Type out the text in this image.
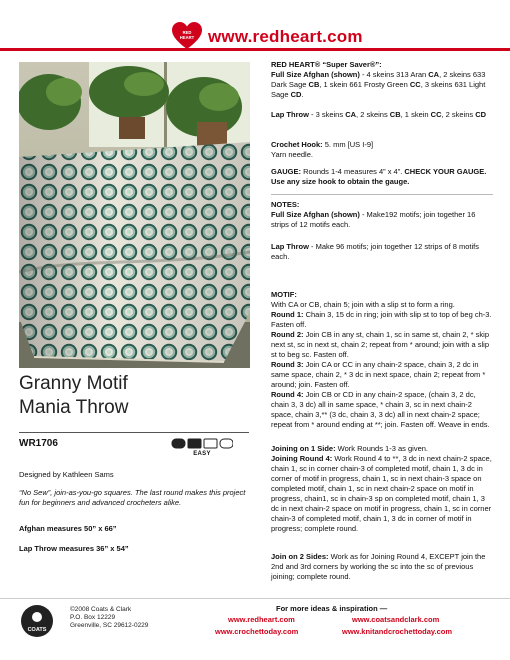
RED
HEART www.redheart.com
Granny Motif
Mania Throw
WR1706
EASY
Designed by Kathleen Sams
“No Sew”, join-as-you-go squares. The last round makes this project fun for beginners and advanced crocheters alike.
Afghan measures 50” x 66”
Lap Throw measures 36” x 54”

RED HEART® “Super Saver®”:

Full Size Afghan (shown) - 4 skeins 313 Aran CA, 2 skeins 633 Dark Sage CB, 1 skein 661 Frosty Green CC, 3 skeins 631 Light Sage CD.

Lap Throw - 3 skeins CA, 2 skeins CB, 1 skein CC, 2 skeins CD

Crochet Hook: 5. mm [US I-9]

Yarn needle.

GAUGE: Rounds 1-4 measures 4” x 4”. CHECK YOUR GAUGE. Use any size hook to obtain the gauge.

NOTES:

Full Size Afghan (shown) - Make192 motifs; join together 16 strips of 12 motifs each.

Lap Throw - Make 96 motifs; join together 12 strips of 8 motifs each.

MOTIF:

With CA or CB, chain 5; join with a slip st to form a ring.

Round 1: Chain 3, 15 dc in ring; join with slip st to top of beg ch-3. Fasten off.

Round 2: Join CB in any st, chain 1, sc in same st, chain 2, * skip next st, sc in next st, chain 2; repeat from * around; join with a slip st to beg sc. Fasten off.

Round 3: Join CA or CC in any chain-2 space, chain 3, 2 dc in same space, chain 2, * 3 dc in next space, chain 2; repeat from * around; join. Fasten off.

Round 4: Join CB or CD in any chain-2 space, (chain 3, 2 dc, chain 3, 3 dc) all in same space, * chain 3, sc in next chain-2 space, chain 3,** (3 dc, chain 3, 3 dc) all in next chain-2 space; repeat from * around ending at **; join. Fasten off. Weave in ends.

Joining on 1 Side: Work Rounds 1-3 as given.

Joining Round 4: Work Round 4 to **, 3 dc in next chain-2 space, chain 1, sc in corner chain-3 of completed motif, chain 1, 3 dc in corner of motif in progress, chain 1, sc in next chain-3 space on completed motif, chain 1, sc in next chain-2 space on motif in progress, chain1, sc in chain-3 sp on completed motif, chain 1, 3 dc in next chain-2 space on motif in progress, chain 1, sc in corner chain-3 of completed motif, chain 1, 3 dc in corner of motif in progress; complete round.

Join on 2 Sides: Work as for Joining Round 4, EXCEPT join the 2nd and 3rd corners by working the sc into the sc of previous joining; complete round.
COATS
©2008 Coats & Clark
P.O. Box 12229
Greenville, SC 29612-0229
For more ideas & inspiration —
www.redheart.com	www.coatsandclark.com
www.crochettoday.com	www.knitandcrochettoday.com
